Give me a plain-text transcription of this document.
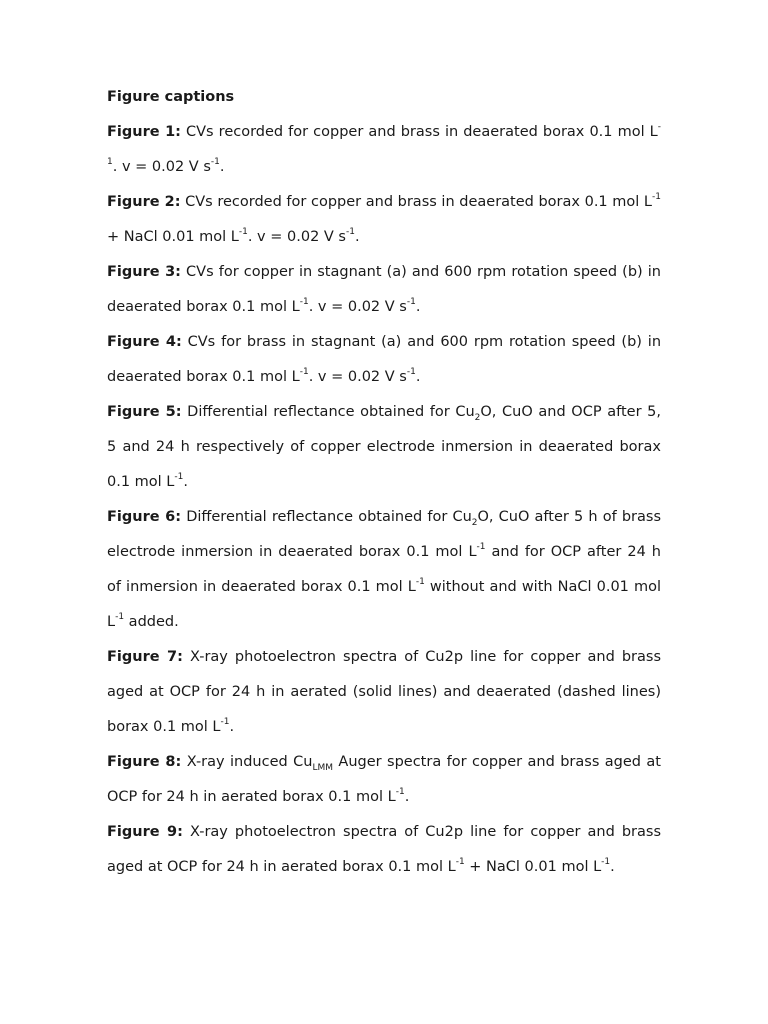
Figure captions

Figure 1: CVs recorded for copper and brass in deaerated borax 0.1 mol $L^{-1}$. v = 0.02 V $s^{-1}$.

Figure 2: CVs recorded for copper and brass in deaerated borax 0.1 mol $L^{-1}$ + NaCl 0.01 mol $L^{-1}$. v = 0.02 V $s^{-1}$.

Figure 3: CVs for copper in stagnant (a) and 600 rpm rotation speed (b) in deaerated borax 0.1 mol $L^{-1}$. v = 0.02 V $s^{-1}$.

Figure 4: CVs for brass in stagnant (a) and 600 rpm rotation speed (b) in deaerated borax 0.1 mol $L^{-1}$. v = 0.02 V $s^{-1}$.

Figure 5: Differential reflectance obtained for $Cu_2O$, CuO and OCP after 5, 5 and 24 h respectively of copper electrode inmersion in deaerated borax 0.1 mol $L^{-1}$.

Figure 6: Differential reflectance obtained for $Cu_2O$, CuO after 5 h of brass electrode inmersion in deaerated borax 0.1 mol $L^{-1}$ and for OCP after 24 h of inmersion in deaerated borax 0.1 mol $L^{-1}$ without and with NaCl 0.01 mol $L^{-1}$ added.

Figure 7: X-ray photoelectron spectra of Cu2p line for copper and brass aged at OCP for 24 h in aerated (solid lines) and deaerated (dashed lines) borax 0.1 mol $L^{-1}$.

Figure 8: X-ray induced $Cu_{LMM}$ Auger spectra for copper and brass aged at OCP for 24 h in aerated borax 0.1 mol $L^{-1}$.

Figure 9: X-ray photoelectron spectra of Cu2p line for copper and brass aged at OCP for 24 h in aerated borax 0.1 mol $L^{-1}$ + NaCl 0.01 mol $L^{-1}$.
